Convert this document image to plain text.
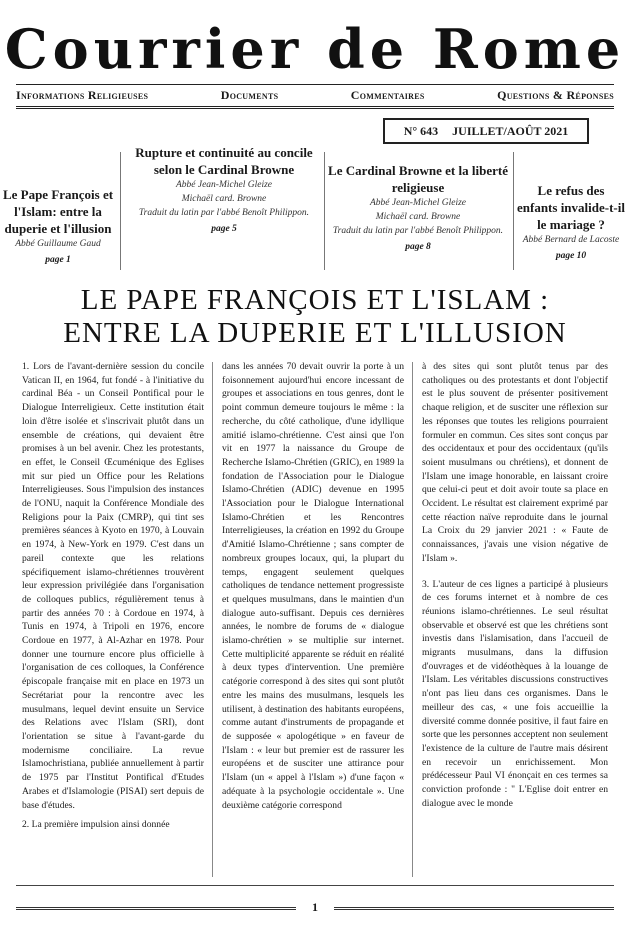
Courrier de Rome
Informations Religieuses	Documents	Commentaires	Questions & Réponses
N° 643 JUILLET/AOÛT 2021
Le Pape François et l'Islam: entre la duperie et l'illusion
Abbé Guillaume Gaud
page 1
Rupture et continuité au concile selon le Cardinal Browne
Abbé Jean-Michel Gleize
Michaël card. Browne
Traduit du latin par l'abbé Benoît Philippon.
page 5
Le Cardinal Browne et la liberté religieuse
Abbé Jean-Michel Gleize
Michaël card. Browne
Traduit du latin par l'abbé Benoît Philippon.
page 8
Le refus des enfants invalide-t-il le mariage ?
Abbé Bernard de Lacoste
page 10
LE PAPE FRANÇOIS ET L'ISLAM :
ENTRE LA DUPERIE ET L'ILLUSION

1. Lors de l'avant-dernière session du concile Vatican II, en 1964, fut fondé - à l'initiative du cardinal Béa - un Conseil Pontifical pour le Dialogue Interreligieux. Cette institution était loin d'être isolée et s'inscrivait plutôt dans un ensemble de créations, qui devaient être promises à un bel avenir. Chez les protestants, en effet, le Conseil Œcuménique des Eglises mit sur pied un Office pour les Relations Interreligieuses. Sous l'impulsion des instances de l'ONU, naquit la Conférence Mondiale des Religions pour la Paix (CMRP), qui tint ses premières séances à Kyoto en 1970, à Louvain en 1974, à New-York en 1979. C'est dans un pareil contexte que les relations spécifiquement islamo-chrétiennes trouvèrent leur expression privilégiée dans l'organisation de colloques publics, régulièrement tenus à partir des années 70 : à Cordoue en 1974, à Tunis en 1974, à Tripoli en 1976, encore Cordoue en 1977, à Al-Azhar en 1978. Pour donner une tournure encore plus officielle à l'organisation de ces colloques, la Conférence épiscopale française mit en place en 1973 un Secrétariat pour la rencontre avec les musulmans, lequel devint ensuite un Service des Relations avec l'Islam (SRI), dont l'orientation se situe à l'avant-garde du modernisme conciliaire. La revue Islamochristiana, publiée annuellement à partir de 1975 par l'Institut Pontifical d'Etudes Arabes et d'Islamologie (PISAI) sert depuis de base d'études.

2. La première impulsion ainsi donnée

dans les années 70 devait ouvrir la porte à un foisonnement aujourd'hui encore incessant de groupes et associations en tous genres, dont le point commun demeure toujours le même : la recherche, du côté catholique, d'une idyllique amitié islamo-chrétienne. C'est ainsi que l'on vit en 1977 la naissance du Groupe de Recherche Islamo-Chrétien (GRIC), en 1989 la fondation de l'Association pour le Dialogue Islamo-Chrétien (ADIC) devenue en 1995 l'Association pour le Dialogue International Islamo-Chrétien et les Rencontres Interreligieuses, la création en 1992 du Groupe d'Amitié Islamo-Chrétienne ; sans compter de nombreux groupes locaux, qui, la plupart du temps, engagent seulement quelques catholiques de tendance nettement progressiste et quelques musulmans, dans le maintien d'un dialogue auto-suffisant. Depuis ces dernières années, le nombre de forums de « dialogue islamo-chrétien » se multiplie sur internet. Cette multiplicité apparente se réduit en réalité à deux types d'intervention. Une première catégorie correspond à des sites qui sont plutôt entre les mains des musulmans, lesquels les utilisent, à destination des habitants européens, comme autant d'instruments de propagande et de supposée « apologétique » en faveur de l'Islam : « leur but premier est de rassurer les européens et de susciter une attirance pour l'Islam (un « appel à l'Islam ») d'une façon « adéquate à la psychologie occidentale ». Une deuxième catégorie correspond

à des sites qui sont plutôt tenus par des catholiques ou des protestants et dont l'objectif est le plus souvent de présenter positivement chaque religion, et de susciter une réflexion sur les réponses que toutes les religions pourraient formuler en commun. Ces sites sont conçus par des occidentaux et pour des occidentaux (qu'ils soient musulmans ou chrétiens), et donnent de l'Islam une image honorable, en laissant croire que celui-ci peut et doit avoir toute sa place en Occident. Le résultat est clairement exprimé par cette réaction naïve reproduite dans le journal La Croix du 29 janvier 2021 : « Faute de connaissances, j'avais une vision négative de l'Islam ».

3. L'auteur de ces lignes a participé à plusieurs de ces forums internet et à nombre de ces réunions islamo-chrétiennes. Le seul résultat observable et observé est que les chrétiens sont investis dans l'islamisation, dans l'accueil de migrants musulmans, dans la diffusion d'ouvrages et de vidéothèques à la louange de l'Islam. Les véritables discussions constructives n'ont pas lieu dans ces organismes. Dans le meilleur des cas, « une fois accueillie la diversité comme donnée positive, il faut faire en sorte que les personnes acceptent non seulement l'existence de la culture de l'autre mais désirent en recevoir un enrichissement. Mon prédécesseur Paul VI énonçait en ces termes sa conviction profonde : " L'Eglise doit entrer en dialogue avec le monde

1
